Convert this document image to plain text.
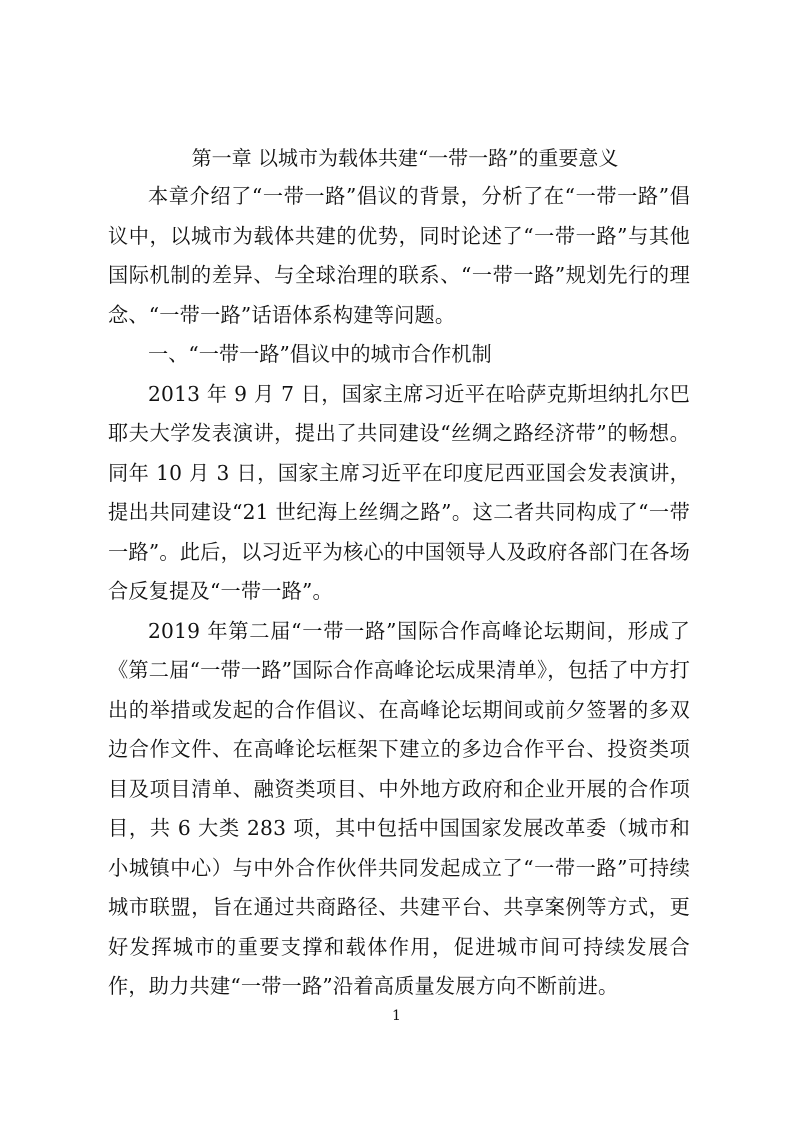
第一章 以城市为载体共建“一带一路”的重要意义

本章介绍了“一带一路”倡议的背景，分析了在“一带一路”倡议中，以城市为载体共建的优势，同时论述了“一带一路”与其他国际机制的差异、与全球治理的联系、“一带一路”规划先行的理念、“一带一路”话语体系构建等问题。

一、“一带一路”倡议中的城市合作机制

2013 年 9 月 7 日，国家主席习近平在哈萨克斯坦纳扎尔巴耶夫大学发表演讲，提出了共同建设“丝绸之路经济带”的畅想。同年 10 月 3 日，国家主席习近平在印度尼西亚国会发表演讲，提出共同建设“21 世纪海上丝绸之路”。这二者共同构成了“一带一路”。此后，以习近平为核心的中国领导人及政府各部门在各场合反复提及“一带一路”。

2019 年第二届“一带一路”国际合作高峰论坛期间，形成了《第二届“一带一路”国际合作高峰论坛成果清单》，包括了中方打出的举措或发起的合作倡议、在高峰论坛期间或前夕签署的多双边合作文件、在高峰论坛框架下建立的多边合作平台、投资类项目及项目清单、融资类项目、中外地方政府和企业开展的合作项目，共 6 大类 283 项，其中包括中国国家发展改革委（城市和小城镇中心）与中外合作伙伴共同发起成立了“一带一路”可持续城市联盟，旨在通过共商路径、共建平台、共享案例等方式，更好发挥城市的重要支撑和载体作用，促进城市间可持续发展合作，助力共建“一带一路”沿着高质量发展方向不断前进。

1
